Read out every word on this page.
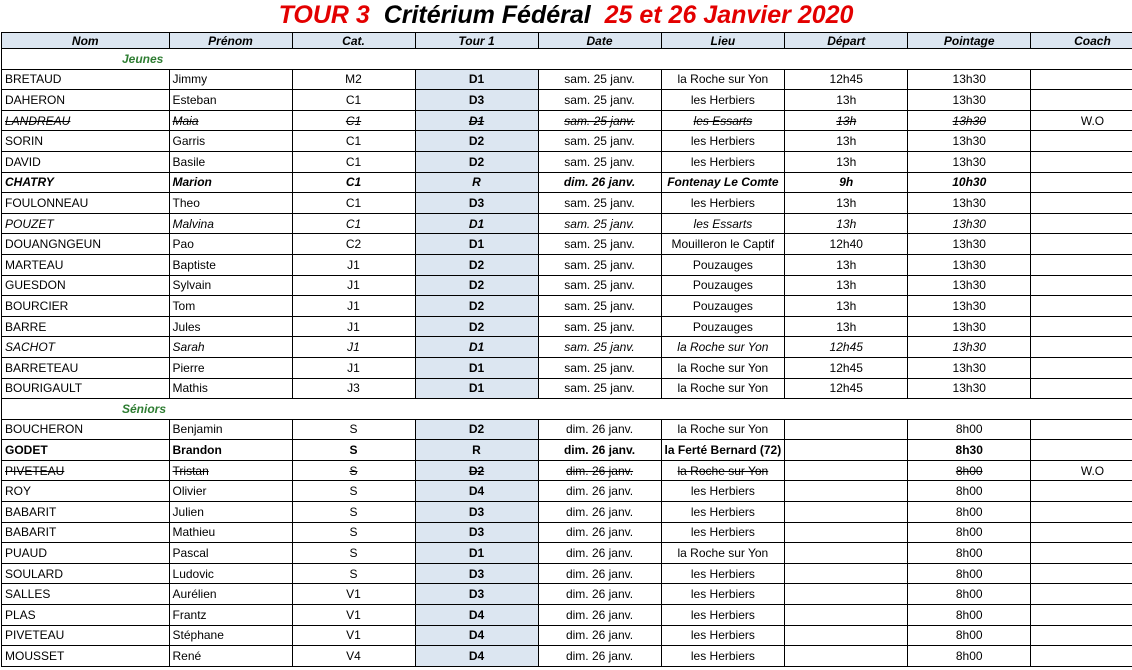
TOUR 3 Critérium Fédéral 25 et 26 Janvier 2020
Nom	Prénom	Cat.	Tour 1	Date	Lieu	Départ	Pointage	Coach
Jeunes								
BRETAUD	Jimmy	M2	D1	sam. 25 janv.	la Roche sur Yon	12h45	13h30	
DAHERON	Esteban	C1	D3	sam. 25 janv.	les Herbiers	13h	13h30	
LANDREAU	Maia	C1	D1	sam. 25 janv.	les Essarts	13h	13h30	W.O
SORIN	Garris	C1	D2	sam. 25 janv.	les Herbiers	13h	13h30	
DAVID	Basile	C1	D2	sam. 25 janv.	les Herbiers	13h	13h30	
CHATRY	Marion	C1	R	dim. 26 janv.	Fontenay Le Comte	9h	10h30	
FOULONNEAU	Theo	C1	D3	sam. 25 janv.	les Herbiers	13h	13h30	
POUZET	Malvina	C1	D1	sam. 25 janv.	les Essarts	13h	13h30	
DOUANGNGEUN	Pao	C2	D1	sam. 25 janv.	Mouilleron le Captif	12h40	13h30	
MARTEAU	Baptiste	J1	D2	sam. 25 janv.	Pouzauges	13h	13h30	
GUESDON	Sylvain	J1	D2	sam. 25 janv.	Pouzauges	13h	13h30	
BOURCIER	Tom	J1	D2	sam. 25 janv.	Pouzauges	13h	13h30	
BARRE	Jules	J1	D2	sam. 25 janv.	Pouzauges	13h	13h30	
SACHOT	Sarah	J1	D1	sam. 25 janv.	la Roche sur Yon	12h45	13h30	
BARRETEAU	Pierre	J1	D1	sam. 25 janv.	la Roche sur Yon	12h45	13h30	
BOURIGAULT	Mathis	J3	D1	sam. 25 janv.	la Roche sur Yon	12h45	13h30	
Séniors								
BOUCHERON	Benjamin	S	D2	dim. 26 janv.	la Roche sur Yon		8h00	
GODET	Brandon	S	R	dim. 26 janv.	la Ferté Bernard (72)		8h30	
PIVETEAU	Tristan	S	D2	dim. 26 janv.	la Roche sur Yon		8h00	W.O
ROY	Olivier	S	D4	dim. 26 janv.	les Herbiers		8h00	
BABARIT	Julien	S	D3	dim. 26 janv.	les Herbiers		8h00	
BABARIT	Mathieu	S	D3	dim. 26 janv.	les Herbiers		8h00	
PUAUD	Pascal	S	D1	dim. 26 janv.	la Roche sur Yon		8h00	
SOULARD	Ludovic	S	D3	dim. 26 janv.	les Herbiers		8h00	
SALLES	Aurélien	V1	D3	dim. 26 janv.	les Herbiers		8h00	
PLAS	Frantz	V1	D4	dim. 26 janv.	les Herbiers		8h00	
PIVETEAU	Stéphane	V1	D4	dim. 26 janv.	les Herbiers		8h00	
MOUSSET	René	V4	D4	dim. 26 janv.	les Herbiers		8h00	
